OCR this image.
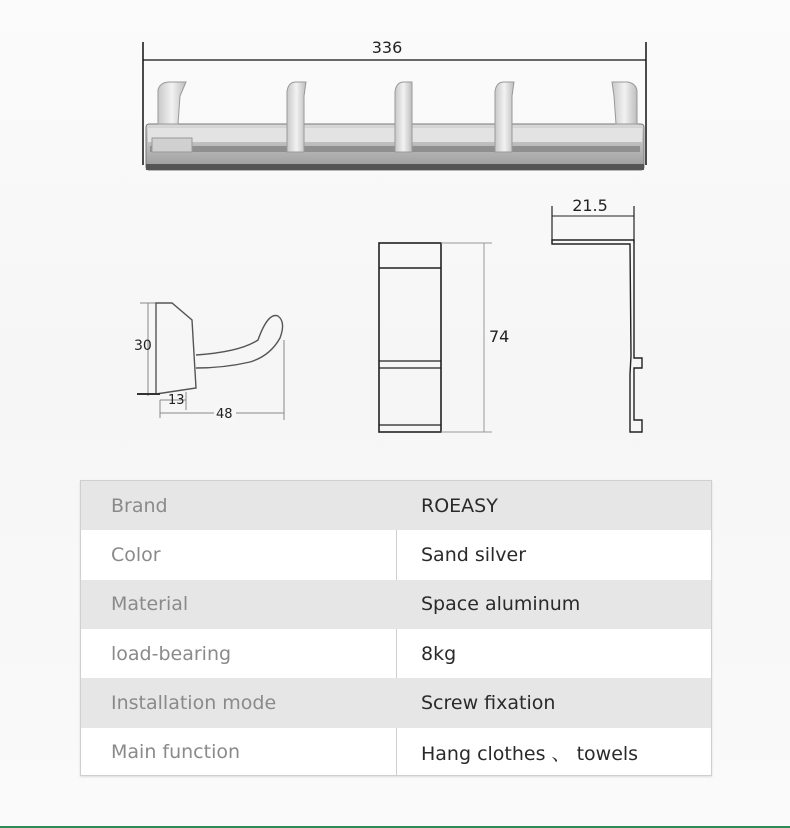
336
30
13
48
74
21.5
Brand	ROEASY
Color	Sand silver
Material	Space aluminum
load-bearing	8kg
Installation mode	Screw fixation
Main function	Hang clothes 、 towels
